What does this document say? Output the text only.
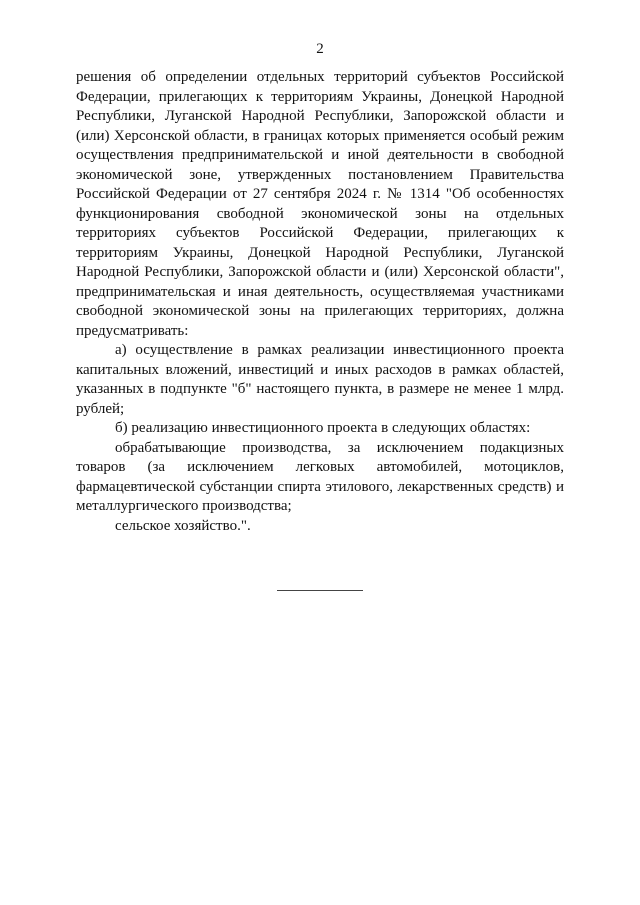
2

решения об определении отдельных территорий субъектов Российской Федерации, прилегающих к территориям Украины, Донецкой Народной Республики, Луганской Народной Республики, Запорожской области и (или) Херсонской области, в границах которых применяется особый режим осуществления предпринимательской и иной деятельности в свободной экономической зоне, утвержденных постановлением Правительства Российской Федерации от 27 сентября 2024 г. № 1314 "Об особенностях функционирования свободной экономической зоны на отдельных территориях субъектов Российской Федерации, прилегающих к территориям Украины, Донецкой Народной Республики, Луганской Народной Республики, Запорожской области и (или) Херсонской области", предпринимательская и иная деятельность, осуществляемая участниками свободной экономической зоны на прилегающих территориях, должна предусматривать:

а) осуществление в рамках реализации инвестиционного проекта капитальных вложений, инвестиций и иных расходов в рамках областей, указанных в подпункте "б" настоящего пункта, в размере не менее 1 млрд. рублей;

б) реализацию инвестиционного проекта в следующих областях:

обрабатывающие производства, за исключением подакцизных товаров (за исключением легковых автомобилей, мотоциклов, фармацевтической субстанции спирта этилового, лекарственных средств) и металлургического производства;

сельское хозяйство.".
